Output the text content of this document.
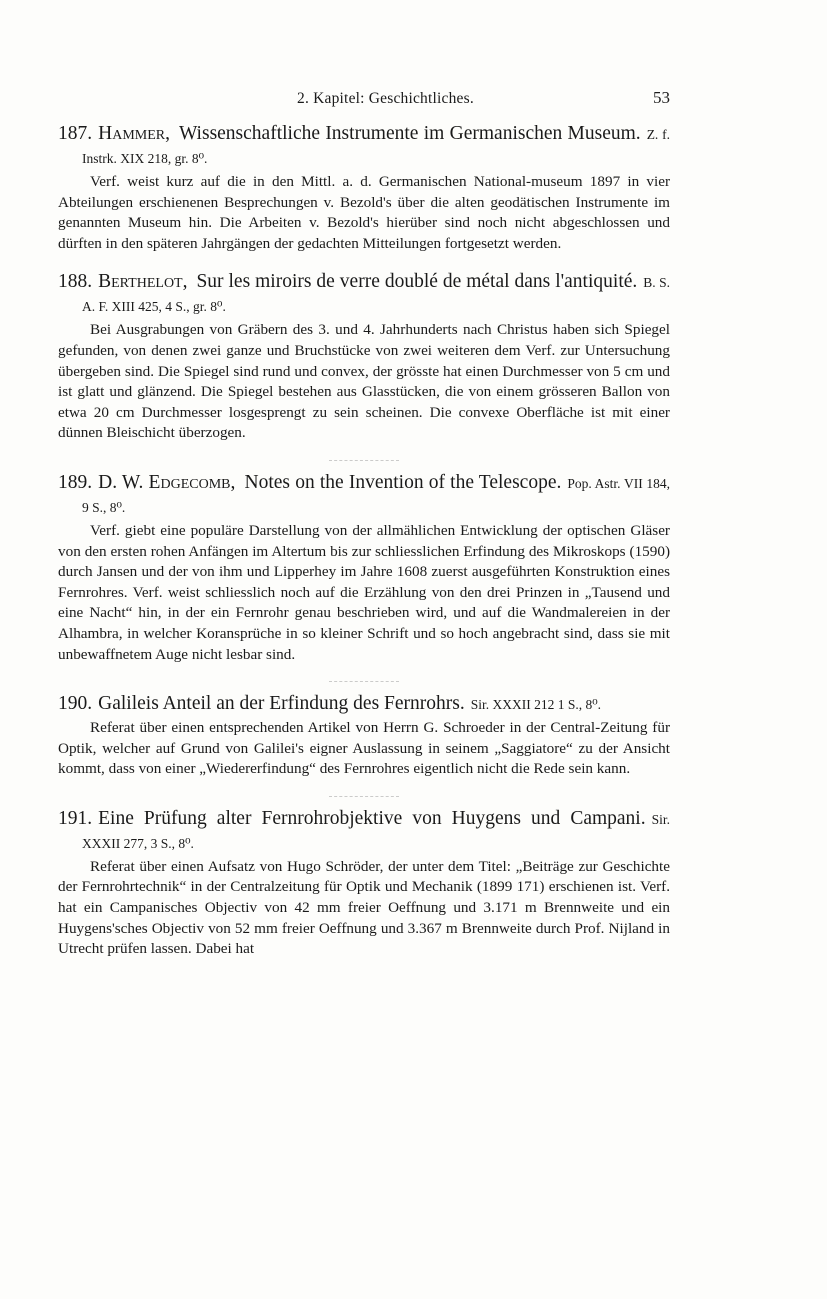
2. Kapitel: Geschichtliches.	53
187. Hammer, Wissenschaftliche Instrumente im Germanischen Museum. Z. f. Instrk. XIX 218, gr. 8⁰.
Verf. weist kurz auf die in den Mittl. a. d. Germanischen National-museum 1897 in vier Abteilungen erschienenen Besprechungen v. Bezold's über die alten geodätischen Instrumente im genannten Museum hin. Die Arbeiten v. Bezold's hierüber sind noch nicht abgeschlossen und dürften in den späteren Jahrgängen der gedachten Mitteilungen fortgesetzt werden.
188. Berthelot, Sur les miroirs de verre doublé de métal dans l'antiquité. B. S. A. F. XIII 425, 4 S., gr. 8⁰.
Bei Ausgrabungen von Gräbern des 3. und 4. Jahrhunderts nach Christus haben sich Spiegel gefunden, von denen zwei ganze und Bruchstücke von zwei weiteren dem Verf. zur Untersuchung übergeben sind. Die Spiegel sind rund und convex, der grösste hat einen Durchmesser von 5 cm und ist glatt und glänzend. Die Spiegel bestehen aus Glasstücken, die von einem grösseren Ballon von etwa 20 cm Durchmesser losgesprengt zu sein scheinen. Die convexe Oberfläche ist mit einer dünnen Bleischicht überzogen.
189. D. W. Edgecomb, Notes on the Invention of the Telescope. Pop. Astr. VII 184, 9 S., 8⁰.
Verf. giebt eine populäre Darstellung von der allmählichen Entwicklung der optischen Gläser von den ersten rohen Anfängen im Altertum bis zur schliesslichen Erfindung des Mikroskops (1590) durch Jansen und der von ihm und Lipperhey im Jahre 1608 zuerst ausgeführten Konstruktion eines Fernrohres. Verf. weist schliesslich noch auf die Erzählung von den drei Prinzen in „Tausend und eine Nacht“ hin, in der ein Fernrohr genau beschrieben wird, und auf die Wandmalereien in der Alhambra, in welcher Koransprüche in so kleiner Schrift und so hoch angebracht sind, dass sie mit unbewaffnetem Auge nicht lesbar sind.
190. Galileis Anteil an der Erfindung des Fernrohrs. Sir. XXXII 212 1 S., 8⁰.
Referat über einen entsprechenden Artikel von Herrn G. Schroeder in der Central-Zeitung für Optik, welcher auf Grund von Galilei's eigner Auslassung in seinem „Saggiatore“ zu der Ansicht kommt, dass von einer „Wiedererfindung“ des Fernrohres eigentlich nicht die Rede sein kann.
191. Eine Prüfung alter Fernrohrobjektive von Huygens und Campani. Sir. XXXII 277, 3 S., 8⁰.
Referat über einen Aufsatz von Hugo Schröder, der unter dem Titel: „Beiträge zur Geschichte der Fernrohrtechnik“ in der Centralzeitung für Optik und Mechanik (1899 171) erschienen ist. Verf. hat ein Campanisches Objectiv von 42 mm freier Oeffnung und 3.171 m Brennweite und ein Huygens'sches Objectiv von 52 mm freier Oeffnung und 3.367 m Brennweite durch Prof. Nijland in Utrecht prüfen lassen. Dabei hat
